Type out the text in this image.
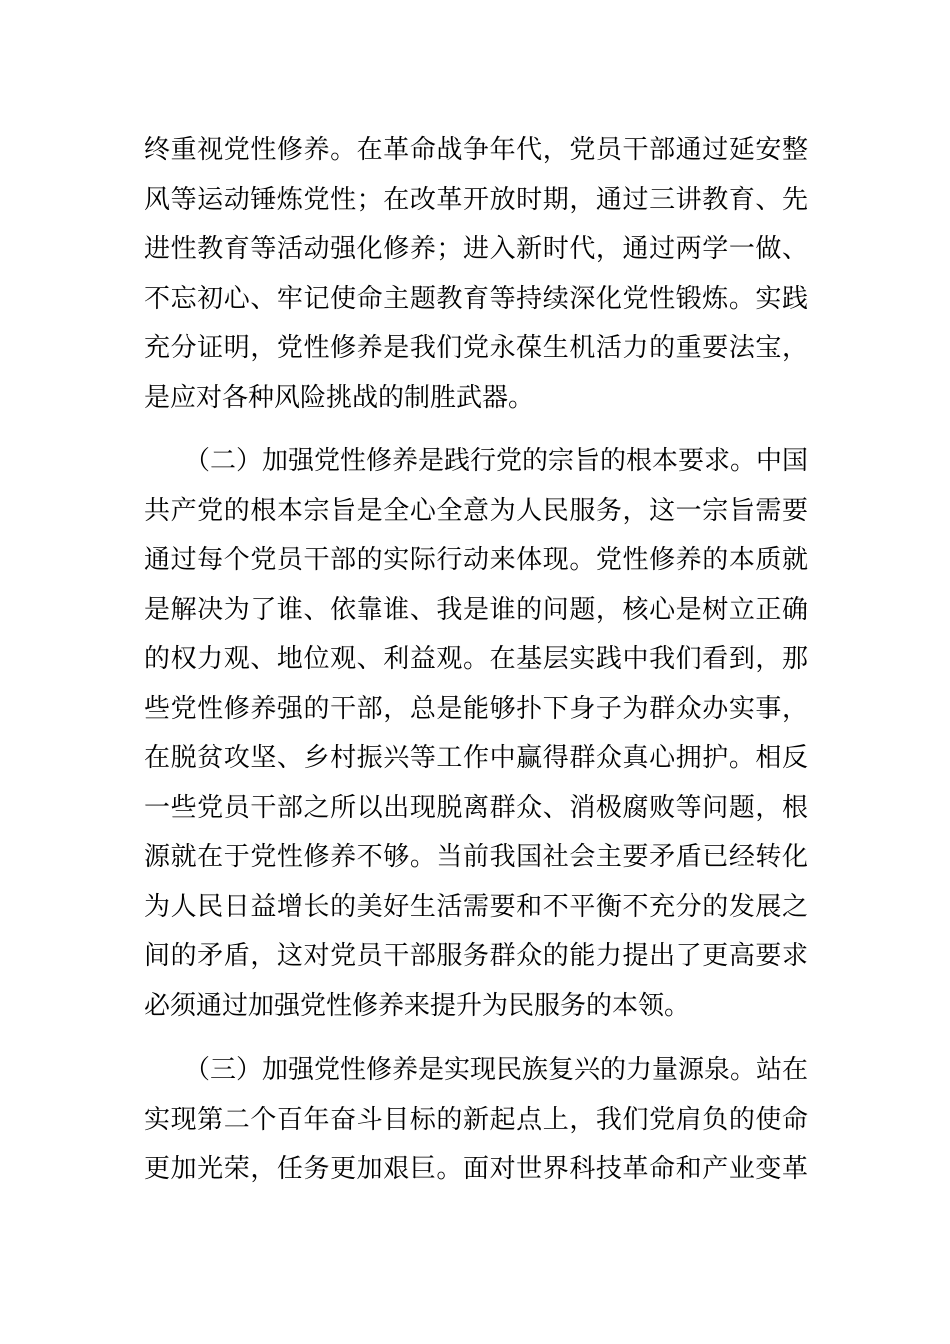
终重视党性修养。在革命战争年代，党员干部通过延安整
风等运动锤炼党性；在改革开放时期，通过三讲教育、先
进性教育等活动强化修养；进入新时代，通过两学一做、
不忘初心、牢记使命主题教育等持续深化党性锻炼。实践
充分证明，党性修养是我们党永葆生机活力的重要法宝，
是应对各种风险挑战的制胜武器。
（二）加强党性修养是践行党的宗旨的根本要求。中国
共产党的根本宗旨是全心全意为人民服务，这一宗旨需要
通过每个党员干部的实际行动来体现。党性修养的本质就
是解决为了谁、依靠谁、我是谁的问题，核心是树立正确
的权力观、地位观、利益观。在基层实践中我们看到，那
些党性修养强的干部，总是能够扑下身子为群众办实事，
在脱贫攻坚、乡村振兴等工作中赢得群众真心拥护。相反
一些党员干部之所以出现脱离群众、消极腐败等问题，根
源就在于党性修养不够。当前我国社会主要矛盾已经转化
为人民日益增长的美好生活需要和不平衡不充分的发展之
间的矛盾，这对党员干部服务群众的能力提出了更高要求
必须通过加强党性修养来提升为民服务的本领。
（三）加强党性修养是实现民族复兴的力量源泉。站在
实现第二个百年奋斗目标的新起点上，我们党肩负的使命
更加光荣，任务更加艰巨。面对世界科技革命和产业变革
